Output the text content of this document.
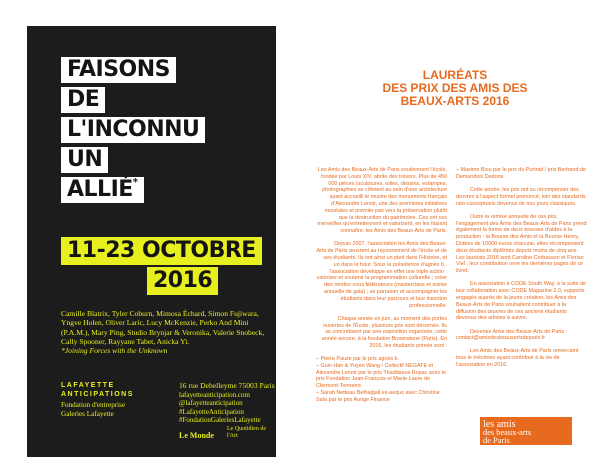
FAISONS
DE
L'INCONNU
UN
ALLIÉ*
11-23 OCTOBRE
2016
Camille Blatrix, Tyler Coburn, Mimosa Échard, Simon Fujiwara, Yngve Holen, Oliver Laric, Lucy McKenzie, Perko And Mini (P.A.M.), Mary Ping, Studio Brynjar & Veronika, Valerie Snobeck, Cally Spooner, Rayyane Tabet, Anicka Yi.
*Joining Forces with the Unknown
LAFAYETTE
ANTICIPATIONS
Fondation d'entreprise
Galeries Lafayette
16 rue Debelleyme 75003 Paris
lafayetteanticipation.com
@lafayetteanticipation
#LafayetteAnticipation
#FondationGaleriesLafayette
Le Monde
Le Quotidien de l'Art
LAURÉATS
DES PRIX DES AMIS DES
BEAUX-ARTS 2016

Les Amis des Beaux-Arts de Paris soutiennent l'école, fondée par Louis XIV, abrite des trésors. Plus de 450 000 pièces (sculptures, toiles, dessins, estampes, photographies se côtoient au sein d'une architecture ayant accueilli le musée des monuments français d'Alexandre Lenoir, une des premières initiatives muséales et premier pas vers la préservation plutôt que la destruction du patrimoine. Ces ont ces merveilles qu'entretiennent et valorisent, en les faisant connaître, les Amis des Beaux-Arts de Paris.

Depuis 2007, l'association les Amis des Beaux-Arts de Paris œuvrent au rayonnement de l'école et de ses étudiants. Ils ont ainsi un pied dans l'Histoire, et un dans le futur. Sous la présidence d'agnès b., l'association développe en effet une triple action : valoriser et soutenir la programmation culturelle ; créer des rendez-vous fédérateurs (masterclass et soirée annuelle de gala) ; se parrainer et accompagner les étudiants dans leur parcours et leur insertion professionnelle.

Chaque année en juin, au moment des portes ouvertes de l'École, plusieurs prix sont décernés. Ils se concrétisent par une exposition organisée, cette année encore, à la fondation Brownstone (Paris). En 2016, les étudiants primés sont :

– Pierre Pauze par le prix agnès b.
– Guin Han & Yuyan Wang / Collectif NEGATE et Alexandre Lenoir par le prix Thaddaeus Ropac avec le prix Fondation Jean-François et Marie-Laure de Clermont-Tonnerre
– Sarah Netteau Belhadjali ex-aequo avec Christine Safa par le prix Aurige Finance

– Maxime Biou par le prix du Portrait / prix Bertrand de Demandolx Dedons.

Cette année, les prix ont su récompenser des œuvres à l'aspect formel prononcé, loin des standards néo-conceptuels devenus de nos jours classiques.

Outre la remise annuelle de ces prix, l'engagement des Amis des Beaux-Arts de Paris prend également la forme de deux bourses d'aides à la production : la Bourse des Amis et la Bourse Henry, Dotées de 10000 euros chacune, elles récompensent deux étudiants diplômés depuis moins de cinq ans. Les lauréats 2016 sont Caroline Corbasson et Florian Viel ; leur contribution orne les dernières pages de ce livret.

En association à CODE South Way, à la suite de leur collaboration avec CODE Magazine 2.0, supports engagés auprès de la jeune création, les Amis des Beaux-Arts de Paris souhaitent contribuer à la diffusion des œuvres de ces anciens étudiants devenus des artistes à suivre.

Devenez Amis des Beaux-Arts de Paris : contact@amisdesbeauxartsdeparis.fr

Les Amis des Beaux-Arts de Paris remercient tous le mécènes ayant contribué à la vie de l'association en 2016.

les amis
des beaux-arts
de Paris
